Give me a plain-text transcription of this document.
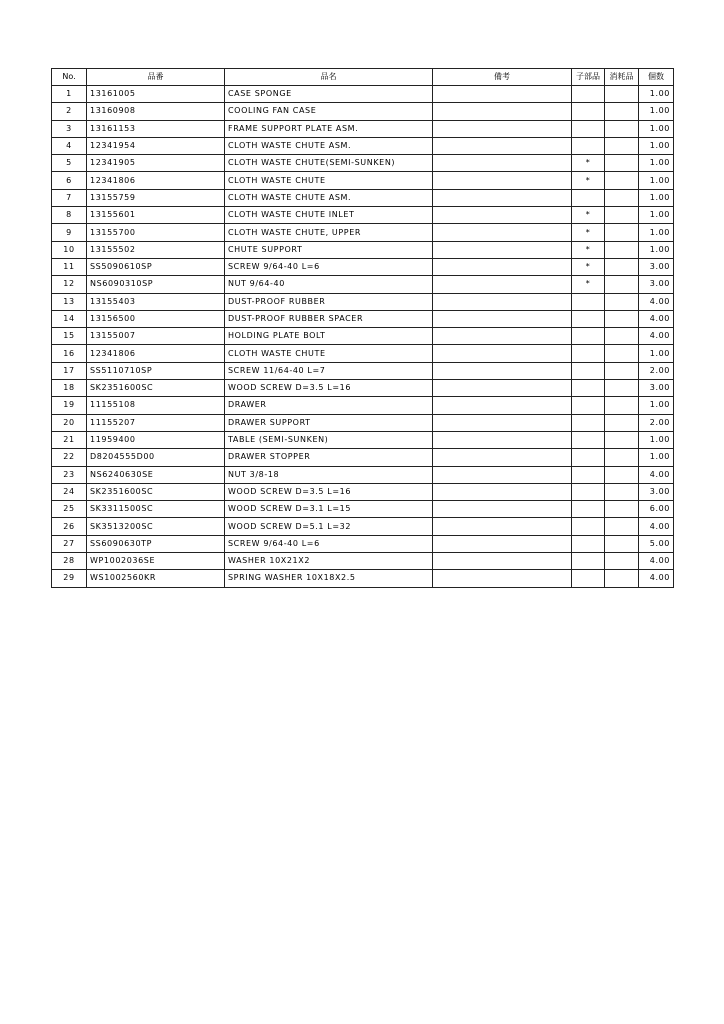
No.	品番	品名	備考	子部品	消耗品	個数
1	13161005	CASE SPONGE				1.00
2	13160908	COOLING FAN CASE				1.00
3	13161153	FRAME SUPPORT PLATE ASM.				1.00
4	12341954	CLOTH WASTE CHUTE ASM.				1.00
5	12341905	CLOTH WASTE CHUTE(SEMI-SUNKEN)		*		1.00
6	12341806	CLOTH WASTE CHUTE		*		1.00
7	13155759	CLOTH WASTE CHUTE ASM.				1.00
8	13155601	CLOTH WASTE CHUTE INLET		*		1.00
9	13155700	CLOTH WASTE CHUTE, UPPER		*		1.00
10	13155502	CHUTE SUPPORT		*		1.00
11	SS5090610SP	SCREW 9/64-40 L=6		*		3.00
12	NS6090310SP	NUT 9/64-40		*		3.00
13	13155403	DUST-PROOF RUBBER				4.00
14	13156500	DUST-PROOF RUBBER SPACER				4.00
15	13155007	HOLDING PLATE BOLT				4.00
16	12341806	CLOTH WASTE CHUTE				1.00
17	SS5110710SP	SCREW 11/64-40 L=7				2.00
18	SK2351600SC	WOOD SCREW D=3.5 L=16				3.00
19	11155108	DRAWER				1.00
20	11155207	DRAWER SUPPORT				2.00
21	11959400	TABLE (SEMI-SUNKEN)				1.00
22	D8204555D00	DRAWER STOPPER				1.00
23	NS6240630SE	NUT 3/8-18				4.00
24	SK2351600SC	WOOD SCREW D=3.5 L=16				3.00
25	SK3311500SC	WOOD SCREW D=3.1 L=15				6.00
26	SK3513200SC	WOOD SCREW D=5.1 L=32				4.00
27	SS6090630TP	SCREW 9/64-40 L=6				5.00
28	WP1002036SE	WASHER 10X21X2				4.00
29	WS1002560KR	SPRING WASHER 10X18X2.5				4.00
